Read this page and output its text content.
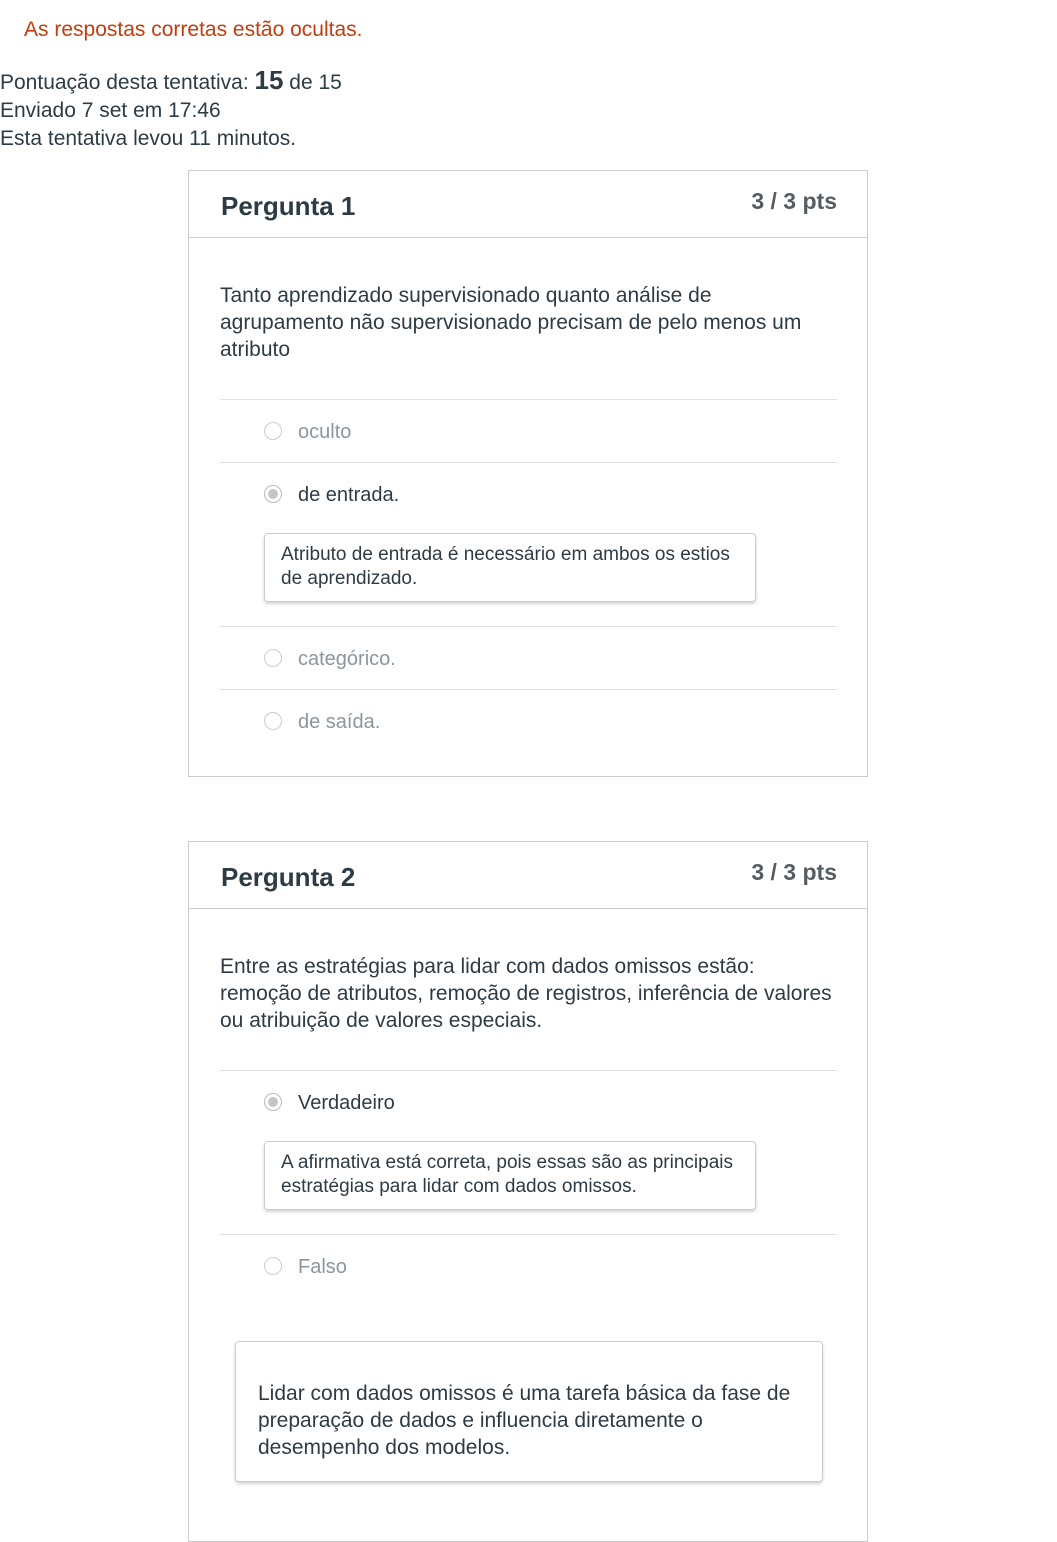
As respostas corretas estão ocultas.
Pontuação desta tentativa: 15 de 15
Enviado 7 set em 17:46
Esta tentativa levou 11 minutos.
Pergunta 1	3 / 3 pts
Tanto aprendizado supervisionado quanto análise de agrupamento não supervisionado precisam de pelo menos um atributo
oculto
de entrada.
Atributo de entrada é necessário em ambos os estios de aprendizado.
categórico.
de saída.
Pergunta 2	3 / 3 pts
Entre as estratégias para lidar com dados omissos estão: remoção de atributos, remoção de registros, inferência de valores ou atribuição de valores especiais.
Verdadeiro
A afirmativa está correta, pois essas são as principais estratégias para lidar com dados omissos.
Falso
Lidar com dados omissos é uma tarefa básica da fase de preparação de dados e influencia diretamente o desempenho dos modelos.
